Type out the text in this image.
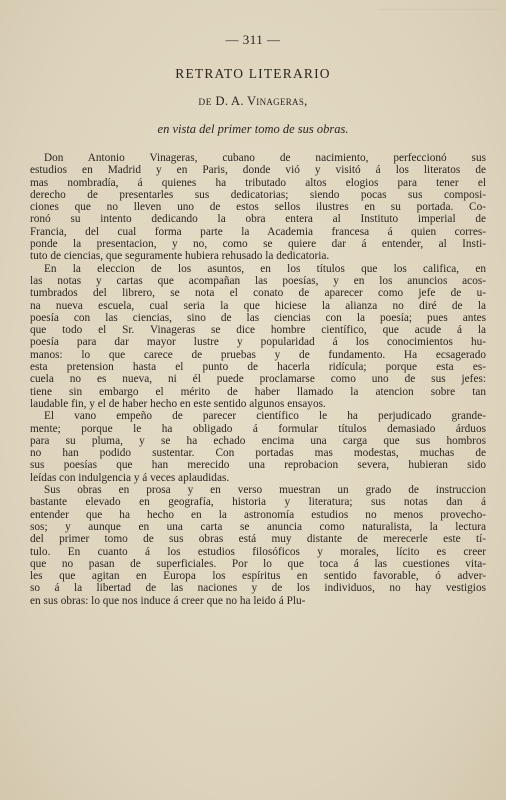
.................................................
— 311 —
RETRATO LITERARIO
DE D. A. Vinageras,
en vista del primer tomo de sus obras.

Don Antonio Vinageras, cubano de nacimiento, perfeccionó sus
estudios en Madrid y en Paris, donde vió y visitó á los literatos de
mas nombradía, á quienes ha tributado altos elogios para tener el
derecho de presentarles sus dedicatorias; siendo pocas sus composi-
ciones que no lleven uno de estos sellos ilustres en su portada. Co-
ronó su intento dedicando la obra entera al Instituto imperial de
Francia, del cual forma parte la Academia francesa á quien corres-
ponde la presentacion, y no, como se quiere dar á entender, al Insti-
tuto de ciencias, que seguramente hubiera rehusado la dedicatoria.

En la eleccion de los asuntos, en los títulos que los califica, en
las notas y cartas que acompañan las poesías, y en los anuncios acos-
tumbrados del librero, se nota el conato de aparecer como jefe de u-
na nueva escuela, cual seria la que hiciese la alianza no diré de la
poesía con las ciencias, sino de las ciencias con la poesía; pues antes
que todo el Sr. Vinageras se dice hombre científico, que acude á la
poesía para dar mayor lustre y popularidad á los conocimientos hu-
manos: lo que carece de pruebas y de fundamento. Ha ecsagerado
esta pretension hasta el punto de hacerla ridícula; porque esta es-
cuela no es nueva, ni él puede proclamarse como uno de sus jefes:
tiene sin embargo el mérito de haber llamado la atencion sobre tan
laudable fin, y el de haber hecho en este sentido algunos ensayos.

El vano empeño de parecer científico le ha perjudicado grande-
mente; porque le ha obligado á formular títulos demasiado árduos
para su pluma, y se ha echado encima una carga que sus hombros
no han podido sustentar. Con portadas mas modestas, muchas de
sus poesías que han merecido una reprobacion severa, hubieran sido
leídas con indulgencia y á veces aplaudidas.

Sus obras en prosa y en verso muestran un grado de instruccion
bastante elevado en geografía, historia y literatura; sus notas dan á
entender que ha hecho en la astronomía estudios no menos provecho-
sos; y aunque en una carta se anuncia como naturalista, la lectura
del primer tomo de sus obras está muy distante de merecerle este tí-
tulo. En cuanto á los estudios filosóficos y morales, lícito es creer
que no pasan de superficiales. Por lo que toca á las cuestiones vita-
les que agitan en Europa los espíritus en sentido favorable, ó adver-
so á la libertad de las naciones y de los individuos, no hay vestigios
en sus obras: lo que nos induce á creer que no ha leido á Plu-
